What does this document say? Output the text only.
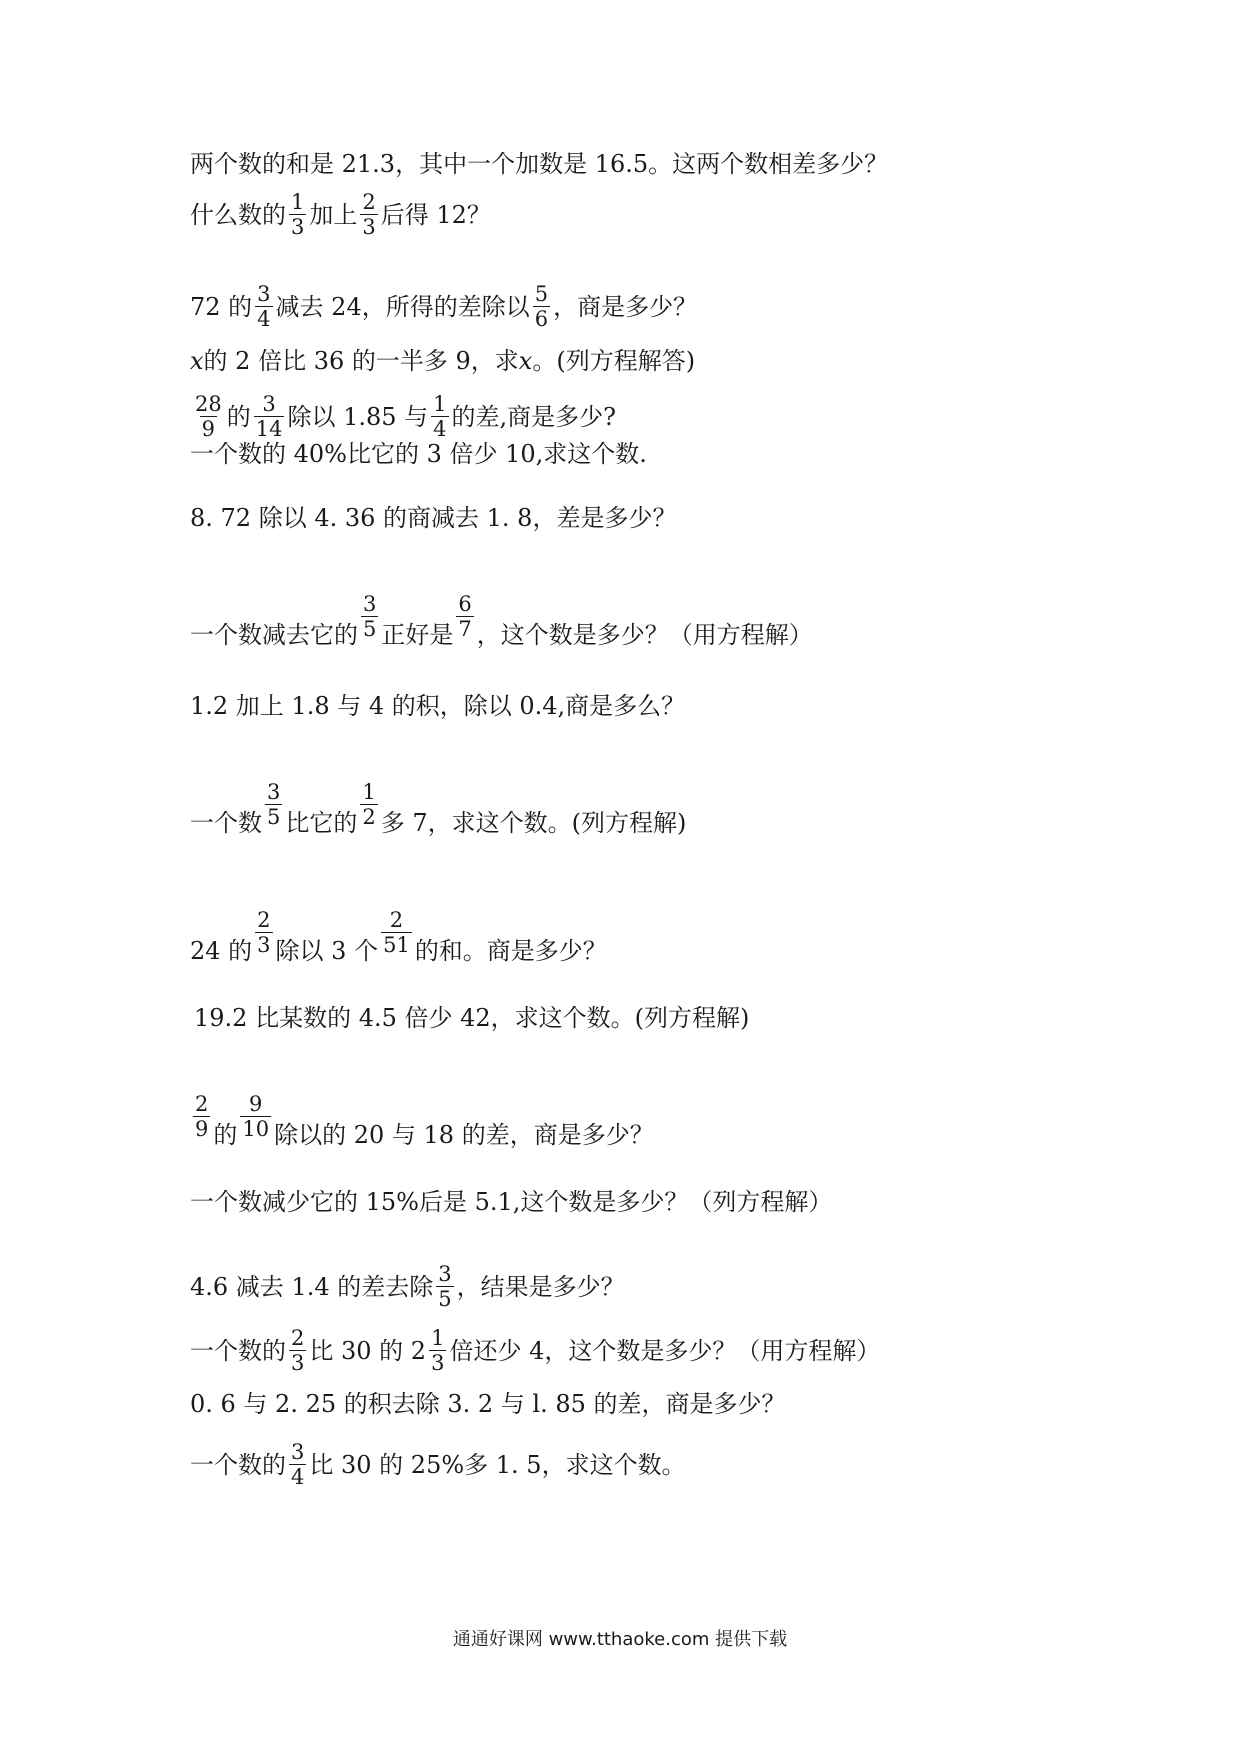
两个数的和是 21.3，其中一个加数是 16.5。这两个数相差多少？
什么数的 $\frac{1}{3}$ 加上 $\frac{2}{3}$ 后得 12？
72 的 $\frac{3}{4}$ 减去 24，所得的差除以 $\frac{5}{6}$ ，商是多少？
x 的 2 倍比 36 的一半多 9，求 x 。(列方程解答)
$\frac{28}{9}$ 的 $\frac{3}{14}$ 除以 1.85 与 $\frac{1}{4}$ 的差,商是多少?
一个数的 40%比它的 3 倍少 10,求这个数.
8. 72 除以 4. 36 的商减去 1. 8，差是多少？
一个数减去它的 $\frac{3}{5}$ 正好是 $\frac{6}{7}$ ，这个数是多少？（用方程解）
1.2 加上 1.8 与 4 的积，除以 0.4,商是多么？
一个数 $\frac{3}{5}$ 比它的 $\frac{1}{2}$ 多 7，求这个数。(列方程解)
24 的 $\frac{2}{3}$ 除以 3 个 $\frac{2}{51}$ 的和。商是多少？
19.2 比某数的 4.5 倍少 42，求这个数。(列方程解)
$\frac{2}{9}$ 的 $\frac{9}{10}$ 除以的 20 与 18 的差，商是多少？
一个数减少它的 15%后是 5.1,这个数是多少？（列方程解）
4.6 减去 1.4 的差去除 $\frac{3}{5}$ ，结果是多少？
一个数的 $\frac{2}{3}$ 比 30 的 $2 \frac{1}{3}$ 倍还少 4，这个数是多少？（用方程解）
0. 6 与 2. 25 的积去除 3. 2 与 l. 85 的差，商是多少？
一个数的 $\frac{3}{4}$ 比 30 的 25%多 1. 5，求这个数。
通通好课网 www.tthaoke.com 提供下载
